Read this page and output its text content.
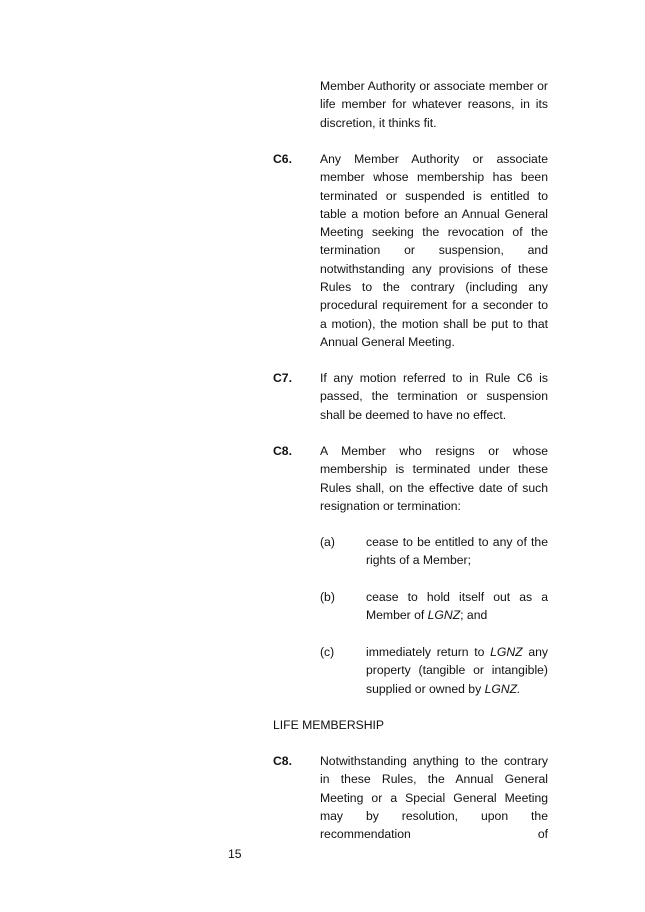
Member Authority or associate member or life member for whatever reasons, in its discretion, it thinks fit.

C6. Any Member Authority or associate member whose membership has been terminated or suspended is entitled to table a motion before an Annual General Meeting seeking the revocation of the termination or suspension, and notwithstanding any provisions of these Rules to the contrary (including any procedural requirement for a seconder to a motion), the motion shall be put to that Annual General Meeting.

C7. If any motion referred to in Rule C6 is passed, the termination or suspension shall be deemed to have no effect.

C8. A Member who resigns or whose membership is terminated under these Rules shall, on the effective date of such resignation or termination:

(a)	cease to be entitled to any of the rights of a Member;

(b)	cease to hold itself out as a Member of LGNZ; and

(c)	immediately return to LGNZ any property (tangible or intangible) supplied or owned by LGNZ.

LIFE MEMBERSHIP
C8. Notwithstanding anything to the contrary in these Rules, the Annual General Meeting or a Special General Meeting may by resolution, upon the recommendation of

15
